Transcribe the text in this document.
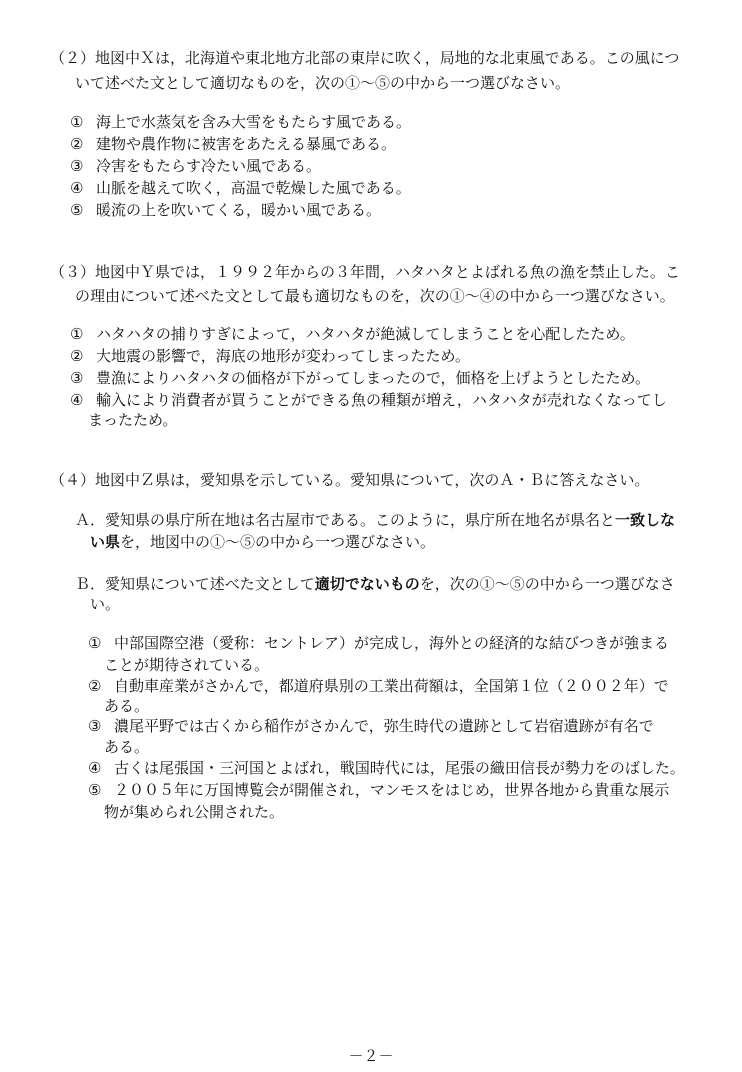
（２）地図中Ｘは，北海道や東北地方北部の東岸に吹く，局地的な北東風である。この風につ
いて述べた文として適切なものを，次の①～⑤の中から一つ選びなさい。
① 海上で水蒸気を含み大雪をもたらす風である。
② 建物や農作物に被害をあたえる暴風である。
③ 冷害をもたらす冷たい風である。
④ 山脈を越えて吹く，高温で乾燥した風である。
⑤ 暖流の上を吹いてくる，暖かい風である。
（３）地図中Ｙ県では，１９９２年からの３年間，ハタハタとよばれる魚の漁を禁止した。こ
の理由について述べた文として最も適切なものを，次の①～④の中から一つ選びなさい。
① ハタハタの捕りすぎによって，ハタハタが絶滅してしまうことを心配したため。
② 大地震の影響で，海底の地形が変わってしまったため。
③ 豊漁によりハタハタの価格が下がってしまったので，価格を上げようとしたため。
④ 輸入により消費者が買うことができる魚の種類が増え，ハタハタが売れなくなってし
まったため。
（４）地図中Ｚ県は，愛知県を示している。愛知県について，次のＡ・Ｂに答えなさい。
Ａ．愛知県の県庁所在地は名古屋市である。このように，県庁所在地名が県名と一致しな
い県を，地図中の①～⑤の中から一つ選びなさい。
Ｂ．愛知県について述べた文として適切でないものを，次の①～⑤の中から一つ選びなさ
い。
① 中部国際空港（愛称：セントレア）が完成し，海外との経済的な結びつきが強まる
ことが期待されている。
② 自動車産業がさかんで，都道府県別の工業出荷額は，全国第１位（２００２年）で
ある。
③ 濃尾平野では古くから稲作がさかんで，弥生時代の遺跡として岩宿遺跡が有名で
ある。
④ 古くは尾張国・三河国とよばれ，戦国時代には，尾張の織田信長が勢力をのばした。
⑤ ２００５年に万国博覧会が開催され，マンモスをはじめ，世界各地から貴重な展示
物が集められ公開された。
－２－
